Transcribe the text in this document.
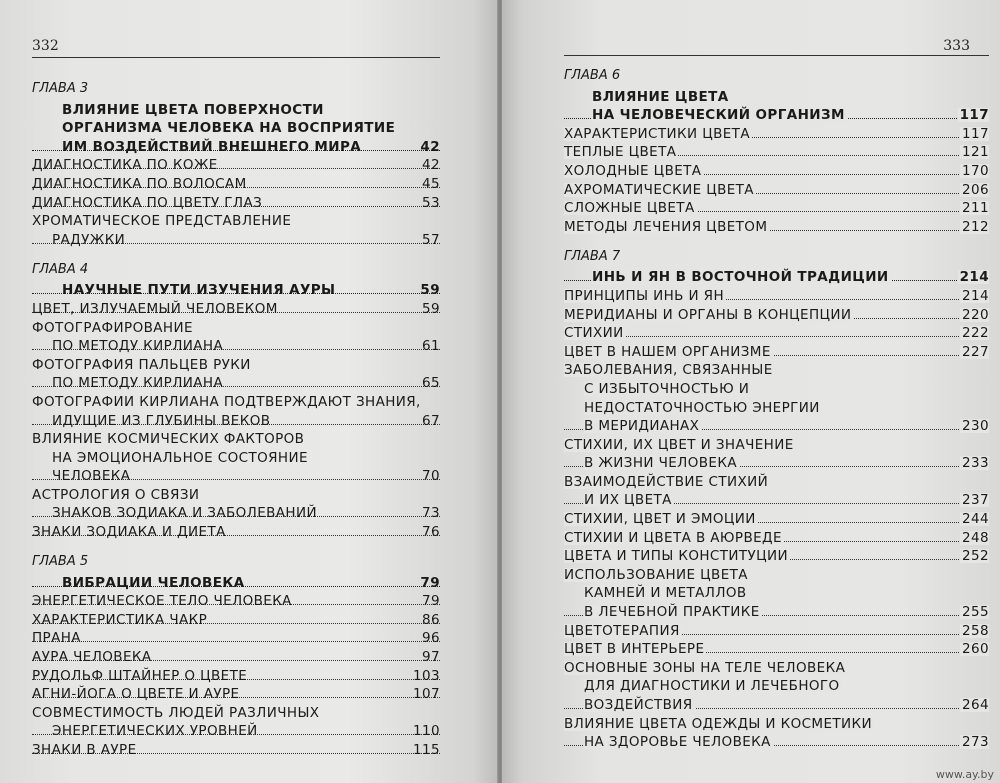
332
ГЛАВА 3
ВЛИЯНИЕ ЦВЕТА ПОВЕРХНОСТИ
ОРГАНИЗМА ЧЕЛОВЕКА НА ВОСПРИЯТИЕ
ИМ ВОЗДЕЙСТВИЙ ВНЕШНЕГО МИРА	42
ДИАГНОСТИКА ПО КОЖЕ	42
ДИАГНОСТИКА ПО ВОЛОСАМ	45
ДИАГНОСТИКА ПО ЦВЕТУ ГЛАЗ	53
ХРОМАТИЧЕСКОЕ ПРЕДСТАВЛЕНИЕ
РАДУЖКИ	57
ГЛАВА 4
НАУЧНЫЕ ПУТИ ИЗУЧЕНИЯ АУРЫ	59
ЦВЕТ, ИЗЛУЧАЕМЫЙ ЧЕЛОВЕКОМ	59
ФОТОГРАФИРОВАНИЕ
ПО МЕТОДУ КИРЛИАНА	61
ФОТОГРАФИЯ ПАЛЬЦЕВ РУКИ
ПО МЕТОДУ КИРЛИАНА	65
ФОТОГРАФИИ КИРЛИАНА ПОДТВЕРЖДАЮТ ЗНАНИЯ,
ИДУЩИЕ ИЗ ГЛУБИНЫ ВЕКОВ	67
ВЛИЯНИЕ КОСМИЧЕСКИХ ФАКТОРОВ
НА ЭМОЦИОНАЛЬНОЕ СОСТОЯНИЕ
ЧЕЛОВЕКА	70
АСТРОЛОГИЯ О СВЯЗИ
ЗНАКОВ ЗОДИАКА И ЗАБОЛЕВАНИЙ	73
ЗНАКИ ЗОДИАКА И ДИЕТА	76
ГЛАВА 5
ВИБРАЦИИ ЧЕЛОВЕКА	79
ЭНЕРГЕТИЧЕСКОЕ ТЕЛО ЧЕЛОВЕКА	79
ХАРАКТЕРИСТИКА ЧАКР	86
ПРАНА	96
АУРА ЧЕЛОВЕКА	97
РУДОЛЬФ ШТАЙНЕР О ЦВЕТЕ	103
АГНИ-ЙОГА О ЦВЕТЕ И АУРЕ	107
СОВМЕСТИМОСТЬ ЛЮДЕЙ РАЗЛИЧНЫХ
ЭНЕРГЕТИЧЕСКИХ УРОВНЕЙ	110
ЗНАКИ В АУРЕ	115
333
ГЛАВА 6
ВЛИЯНИЕ ЦВЕТА
НА ЧЕЛОВЕЧЕСКИЙ ОРГАНИЗМ	117
ХАРАКТЕРИСТИКИ ЦВЕТА	117
ТЕПЛЫЕ ЦВЕТА	121
ХОЛОДНЫЕ ЦВЕТА	170
АХРОМАТИЧЕСКИЕ ЦВЕТА	206
СЛОЖНЫЕ ЦВЕТА	211
МЕТОДЫ ЛЕЧЕНИЯ ЦВЕТОМ	212
ГЛАВА 7
ИНЬ И ЯН В ВОСТОЧНОЙ ТРАДИЦИИ	214
ПРИНЦИПЫ ИНЬ И ЯН	214
МЕРИДИАНЫ И ОРГАНЫ В КОНЦЕПЦИИ	220
СТИХИИ	222
ЦВЕТ В НАШЕМ ОРГАНИЗМЕ	227
ЗАБОЛЕВАНИЯ, СВЯЗАННЫЕ
С ИЗБЫТОЧНОСТЬЮ И
НЕДОСТАТОЧНОСТЬЮ ЭНЕРГИИ
В МЕРИДИАНАХ	230
СТИХИИ, ИХ ЦВЕТ И ЗНАЧЕНИЕ
В ЖИЗНИ ЧЕЛОВЕКА	233
ВЗАИМОДЕЙСТВИЕ СТИХИЙ
И ИХ ЦВЕТА	237
СТИХИИ, ЦВЕТ И ЭМОЦИИ	244
СТИХИИ И ЦВЕТА В АЮРВЕДЕ	248
ЦВЕТА И ТИПЫ КОНСТИТУЦИИ	252
ИСПОЛЬЗОВАНИЕ ЦВЕТА
КАМНЕЙ И МЕТАЛЛОВ
В ЛЕЧЕБНОЙ ПРАКТИКЕ	255
ЦВЕТОТЕРАПИЯ	258
ЦВЕТ В ИНТЕРЬЕРЕ	260
ОСНОВНЫЕ ЗОНЫ НА ТЕЛЕ ЧЕЛОВЕКА
ДЛЯ ДИАГНОСТИКИ И ЛЕЧЕБНОГО
ВОЗДЕЙСТВИЯ	264
ВЛИЯНИЕ ЦВЕТА ОДЕЖДЫ И КОСМЕТИКИ
НА ЗДОРОВЬЕ ЧЕЛОВЕКА	273
www.ay.by
